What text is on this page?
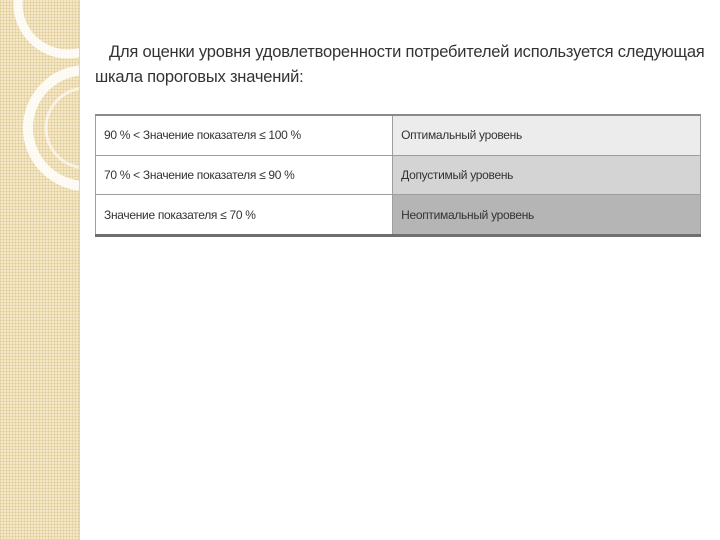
Для оценки уровня удовлетворенности потребителей используется следующая шкала пороговых значений:

90 % < Значение показателя ≤ 100 %	Оптимальный уровень
70 % < Значение показателя ≤ 90 %	Допустимый уровень
Значение показателя ≤ 70 %	Неоптимальный уровень
